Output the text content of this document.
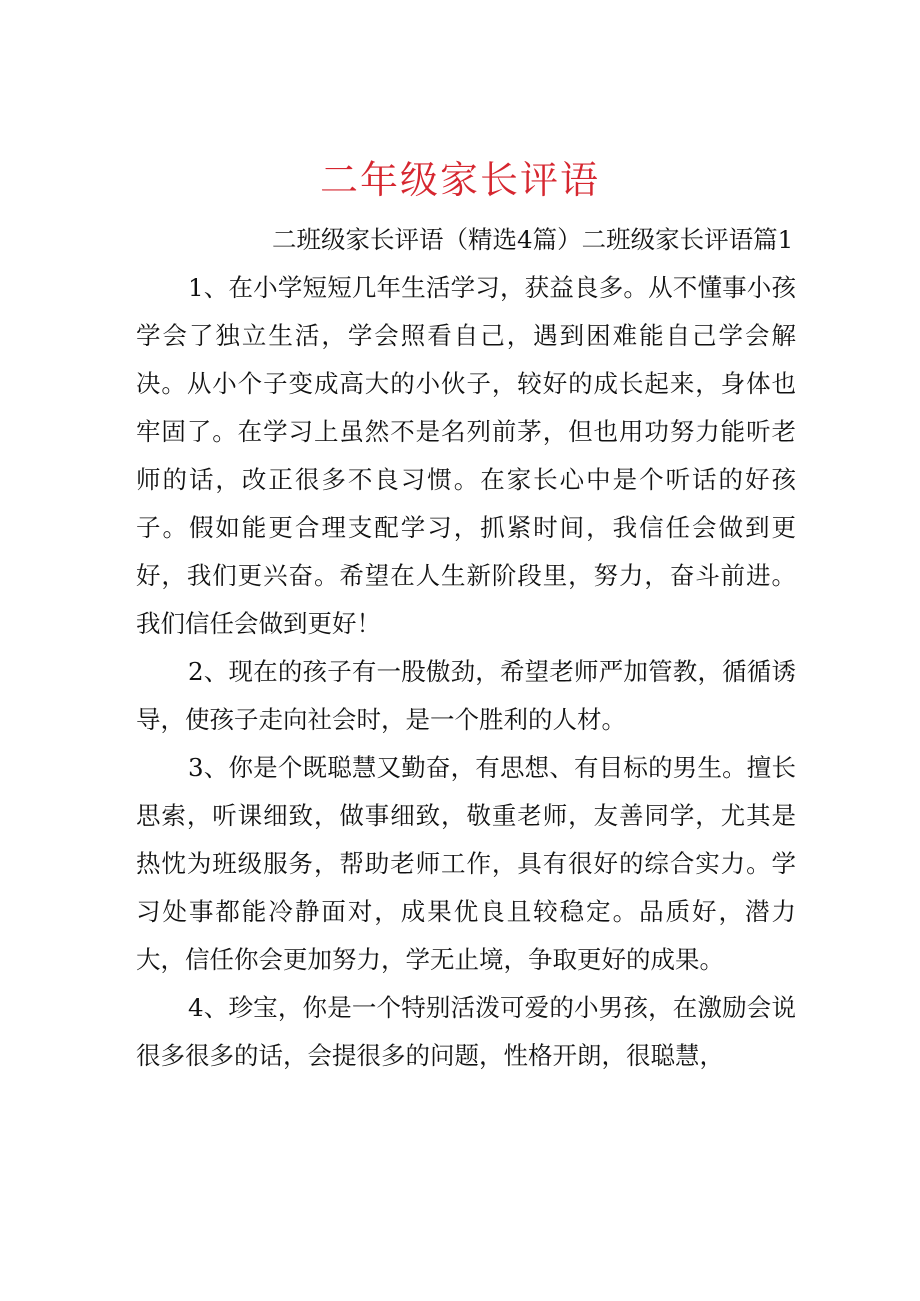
二年级家长评语

二班级家长评语（精选4篇）二班级家长评语篇1

1、在小学短短几年生活学习，获益良多。从不懂事小孩学会了独立生活，学会照看自己，遇到困难能自己学会解决。从小个子变成高大的小伙子，较好的成长起来，身体也牢固了。在学习上虽然不是名列前茅，但也用功努力能听老师的话，改正很多不良习惯。在家长心中是个听话的好孩子。假如能更合理支配学习，抓紧时间，我信任会做到更好，我们更兴奋。希望在人生新阶段里，努力，奋斗前进。我们信任会做到更好！

2、现在的孩子有一股傲劲，希望老师严加管教，循循诱导，使孩子走向社会时，是一个胜利的人材。

3、你是个既聪慧又勤奋，有思想、有目标的男生。擅长思索，听课细致，做事细致，敬重老师，友善同学，尤其是热忱为班级服务，帮助老师工作，具有很好的综合实力。学习处事都能冷静面对，成果优良且较稳定。品质好，潜力大，信任你会更加努力，学无止境，争取更好的成果。

4、珍宝，你是一个特别活泼可爱的小男孩，在激励会说很多很多的话，会提很多的问题，性格开朗，很聪慧，
